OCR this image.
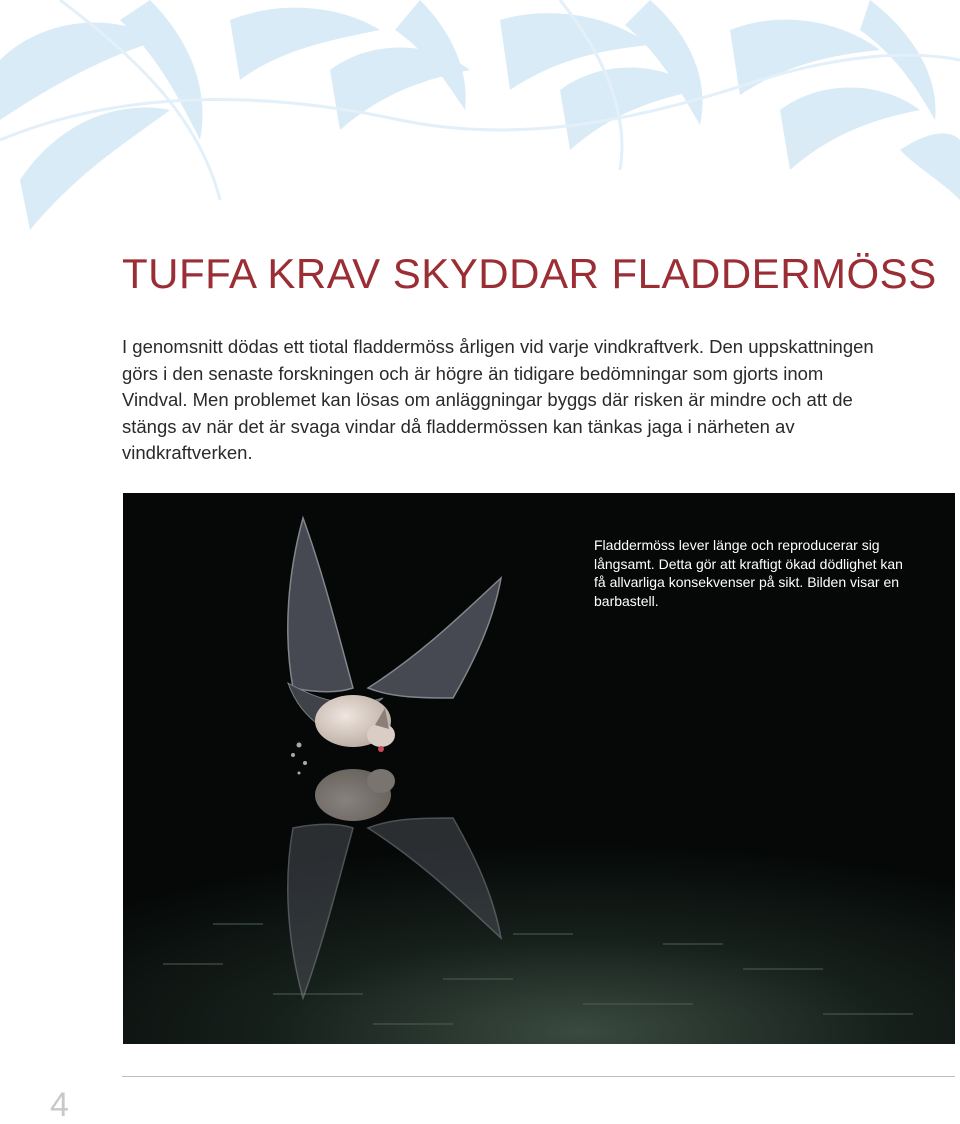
TUFFA KRAV SKYDDAR FLADDERMÖSS

I genomsnitt dödas ett tiotal fladdermöss årligen vid varje vindkraftverk. Den uppskattningen görs i den senaste forskningen och är högre än tidigare bedömningar som gjorts inom Vindval. Men problemet kan lösas om anläggningar byggs där risken är mindre och att de stängs av när det är svaga vindar då fladdermössen kan tänkas jaga i närheten av vindkraftverken.

Fladdermöss lever länge och reproducerar sig långsamt. Detta gör att kraftigt ökad dödlighet kan få allvarliga konsekvenser på sikt. Bilden visar en barbastell.

4
